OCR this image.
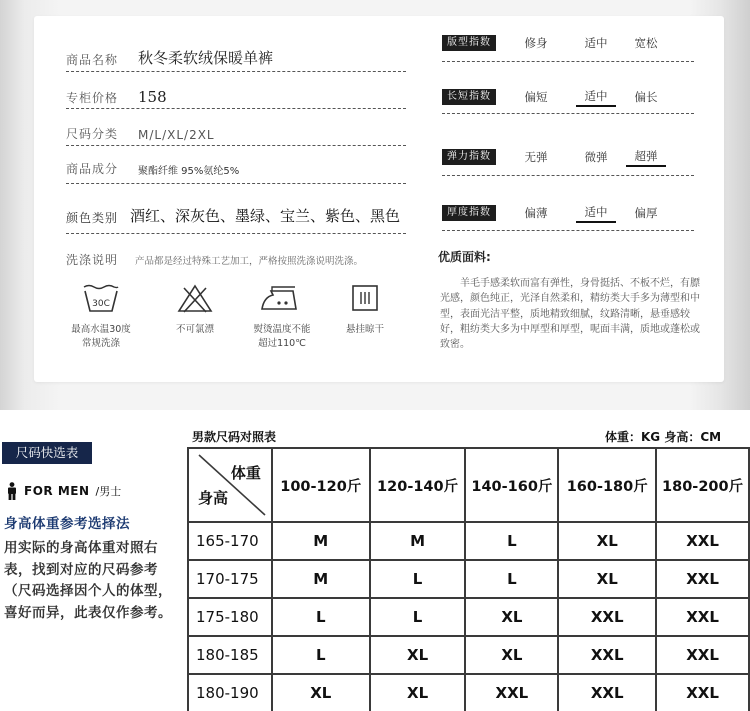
商品名称	秋冬柔软绒保暖单裤
专柜价格	158
尺码分类	M/L/XL/2XL
商品成分	聚酯纤维 95%氨纶5%
颜色类别 酒红、深灰色、墨绿、宝兰、紫色、黑色
版型指数	修身	适中	宽松
长短指数	偏短	适中	偏长
弹力指数	无弹	微弹	超弹
厚度指数	偏薄	适中	偏厚
洗涤说明 产品都是经过特殊工艺加工，严格按照洗涤说明洗涤。
30C
最高水温30度
常规洗涤
不可氯漂	熨烫温度不能
超过110℃
悬挂晾干
优质面料:
羊毛手感柔软而富有弹性，身骨挺括、不板不烂，有膘光感，颜色纯正，光泽自然柔和，精纺类大手多为薄型和中型，表面光洁平整，质地精致细腻，纹路清晰，悬垂感较好，粗纺类大多为中厚型和厚型，呢面丰满，质地或蓬松或致密。
男款尺码对照表	体重：KG 身高：CM
尺码快选表
FOR MEN /男士
身高体重参考选择法
用实际的身高体重对照右表，找到对应的尺码参考（尺码选择因个人的体型，喜好而异，此表仅作参考。
体重
身高	100-120斤	120-140斤	140-160斤	160-180斤	180-200斤
165-170	M	M	L	XL	XXL
170-175	M	L	L	XL	XXL
175-180	L	L	XL	XXL	XXL
180-185	L	XL	XL	XXL	XXL
180-190	XL	XL	XXL	XXL	XXL
